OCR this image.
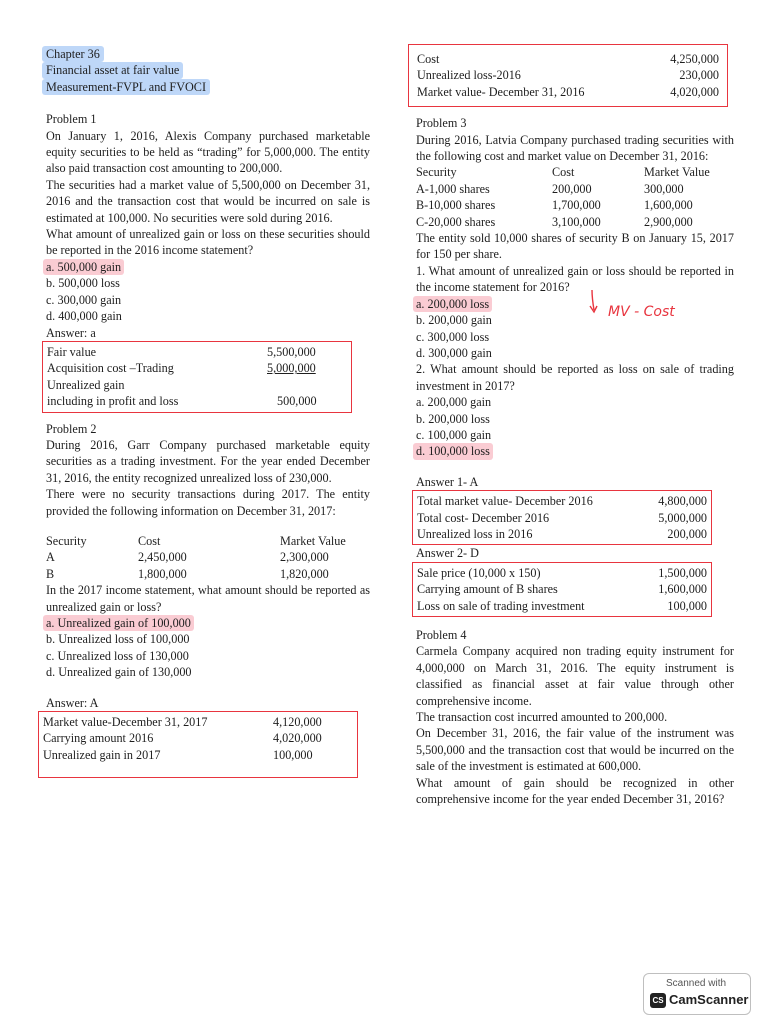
Chapter 36

Financial asset at fair value

Measurement-FVPL and FVOCI

Problem 1

On January 1, 2016, Alexis Company purchased marketable equity securities to be held as “trading” for 5,000,000. The entity also paid transaction cost amounting to 200,000.

The securities had a market value of 5,500,000 on December 31, 2016 and the transaction cost that would be incurred on sale is estimated at 100,000. No securities were sold during 2016.

What amount of unrealized gain or loss on these securities should be reported in the 2016 income statement?

a. 500,000 gain

b. 500,000 loss

c. 300,000 gain

d. 400,000 gain

Answer: a

Fair value	5,500,000
Acquisition cost –Trading	5,000,000
Unrealized gain
including in profit and loss	500,000

Problem 2

During 2016, Garr Company purchased marketable equity securities as a trading investment. For the year ended December 31, 2016, the entity recognized unrealized loss of 230,000.

There were no security transactions during 2017. The entity provided the following information on December 31, 2017:

Security	Cost	Market Value
A	2,450,000	2,300,000
B	1,800,000	1,820,000

In the 2017 income statement, what amount should be reported as unrealized gain or loss?

a. Unrealized gain of 100,000

b. Unrealized loss of 100,000

c. Unrealized loss of 130,000

d. Unrealized gain of 130,000

Answer: A

Market value-December 31, 2017	4,120,000
Carrying amount 2016	4,020,000
Unrealized gain in 2017	100,000
Cost	4,250,000
Unrealized loss-2016	230,000
Market value- December 31, 2016	4,020,000

Problem 3

During 2016, Latvia Company purchased trading securities with the following cost and market value on December 31, 2016:

Security	Cost	Market Value
A-1,000 shares	200,000	300,000
B-10,000 shares	1,700,000	1,600,000
C-20,000 shares	3,100,000	2,900,000

The entity sold 10,000 shares of security B on January 15, 2017 for 150 per share.

1. What amount of unrealized gain or loss should be reported in the income statement for 2016?

a. 200,000 loss

b. 200,000 gain

c. 300,000 loss

d. 300,000 gain

MV - Cost

2. What amount should be reported as loss on sale of trading investment in 2017?

a. 200,000 gain

b. 200,000 loss

c. 100,000 gain

d. 100,000 loss

Answer 1- A

Total market value- December 2016	4,800,000
Total cost- December 2016	5,000,000
Unrealized loss in 2016	200,000

Answer 2- D

Sale price (10,000 x 150)	1,500,000
Carrying amount of B shares	1,600,000
Loss on sale of trading investment	100,000

Problem 4

Carmela Company acquired non trading equity instrument for 4,000,000 on March 31, 2016. The equity instrument is classified as financial asset at fair value through other comprehensive income.

The transaction cost incurred amounted to 200,000.

On December 31, 2016, the fair value of the instrument was 5,500,000 and the transaction cost that would be incurred on the sale of the investment is estimated at 600,000.

What amount of gain should be recognized in other comprehensive income for the year ended December 31, 2016?

Scanned with
CS CamScanner
